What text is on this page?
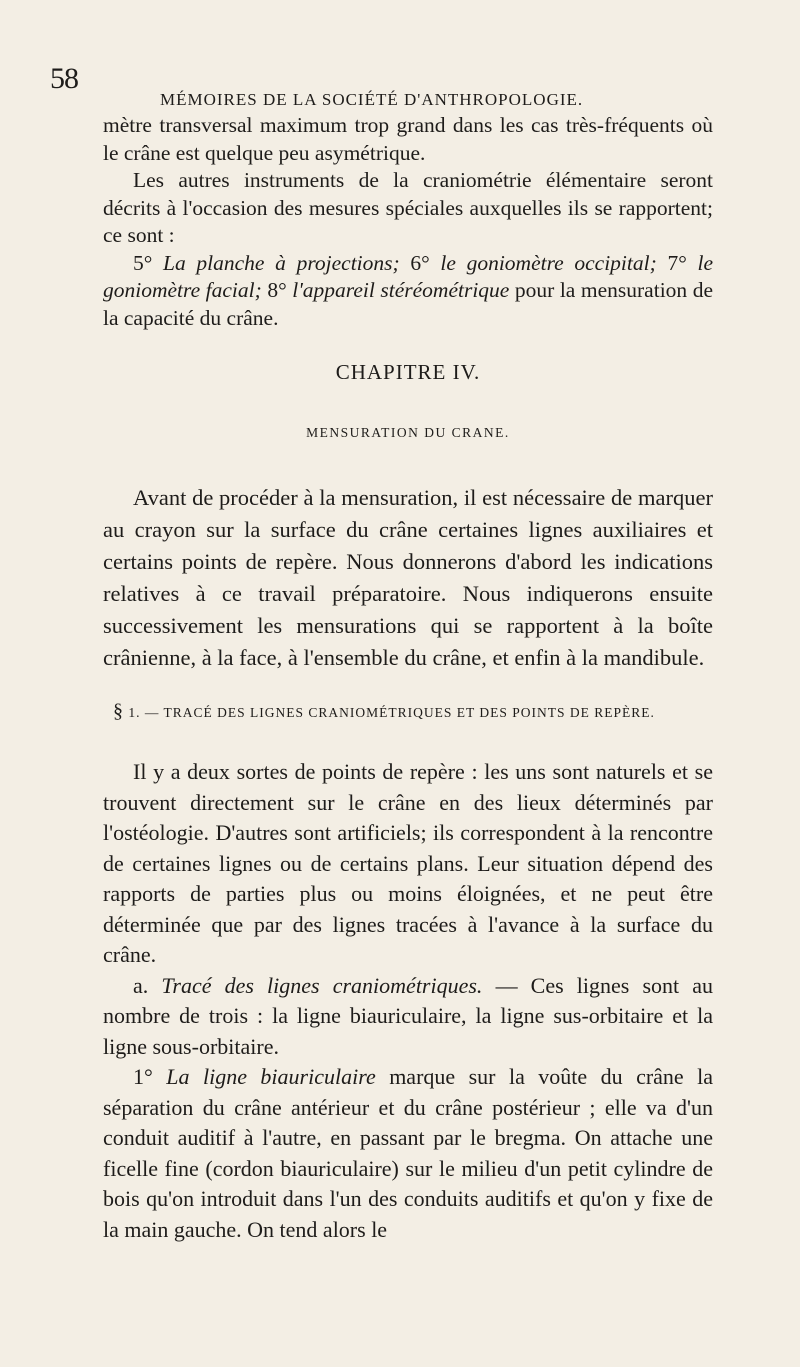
58
MÉMOIRES DE LA SOCIÉTÉ D'ANTHROPOLOGIE.

mètre transversal maximum trop grand dans les cas très-fréquents où le crâne est quelque peu asymétrique.

Les autres instruments de la craniométrie élémentaire seront décrits à l'occasion des mesures spéciales auxquelles ils se rapportent; ce sont :

5° La planche à projections; 6° le goniomètre occipital; 7° le goniomètre facial; 8° l'appareil stéréométrique pour la mensuration de la capacité du crâne.

CHAPITRE IV.
MENSURATION DU CRANE.

Avant de procéder à la mensuration, il est nécessaire de marquer au crayon sur la surface du crâne certaines lignes auxiliaires et certains points de repère. Nous donnerons d'abord les indications relatives à ce travail préparatoire. Nous indiquerons ensuite successivement les mensurations qui se rapportent à la boîte crânienne, à la face, à l'ensemble du crâne, et enfin à la mandibule.

§ 1. — TRACÉ DES LIGNES CRANIOMÉTRIQUES ET DES POINTS DE REPÈRE.

Il y a deux sortes de points de repère : les uns sont naturels et se trouvent directement sur le crâne en des lieux déterminés par l'ostéologie. D'autres sont artificiels; ils correspondent à la rencontre de certaines lignes ou de certains plans. Leur situation dépend des rapports de parties plus ou moins éloignées, et ne peut être déterminée que par des lignes tracées à l'avance à la surface du crâne.

a. Tracé des lignes craniométriques. — Ces lignes sont au nombre de trois : la ligne biauriculaire, la ligne sus-orbitaire et la ligne sous-orbitaire.

1° La ligne biauriculaire marque sur la voûte du crâne la séparation du crâne antérieur et du crâne postérieur ; elle va d'un conduit auditif à l'autre, en passant par le bregma. On attache une ficelle fine (cordon biauriculaire) sur le milieu d'un petit cylindre de bois qu'on introduit dans l'un des conduits auditifs et qu'on y fixe de la main gauche. On tend alors le
